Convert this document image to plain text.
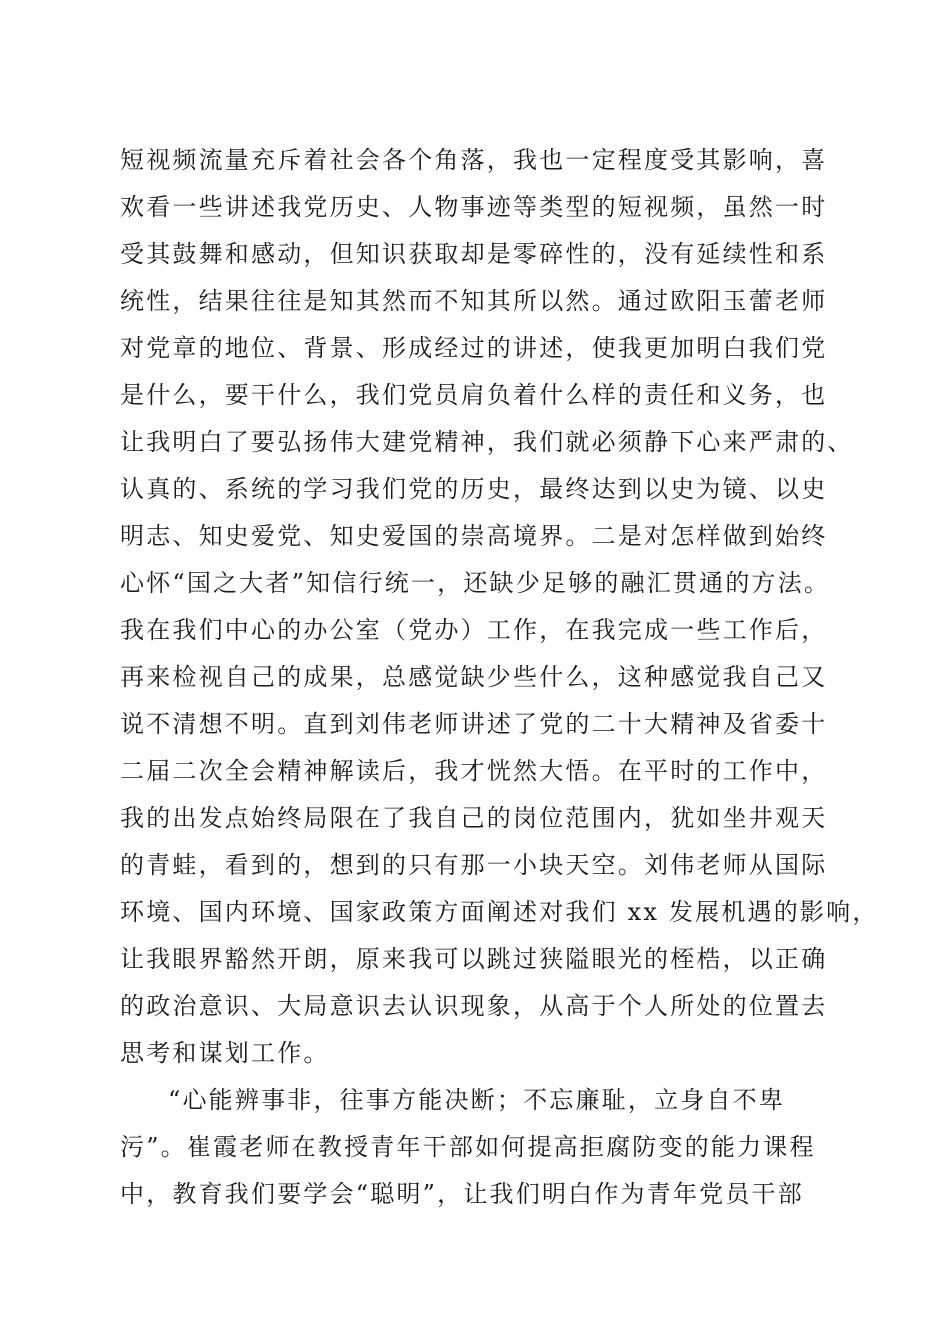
短视频流量充斥着社会各个角落，我也一定程度受其影响，喜
欢看一些讲述我党历史、人物事迹等类型的短视频，虽然一时
受其鼓舞和感动，但知识获取却是零碎性的，没有延续性和系
统性，结果往往是知其然而不知其所以然。通过欧阳玉蕾老师
对党章的地位、背景、形成经过的讲述，使我更加明白我们党
是什么，要干什么，我们党员肩负着什么样的责任和义务，也
让我明白了要弘扬伟大建党精神，我们就必须静下心来严肃的、
认真的、系统的学习我们党的历史，最终达到以史为镜、以史
明志、知史爱党、知史爱国的崇高境界。二是对怎样做到始终
心怀“国之大者”知信行统一，还缺少足够的融汇贯通的方法。
我在我们中心的办公室（党办）工作，在我完成一些工作后，
再来检视自己的成果，总感觉缺少些什么，这种感觉我自己又
说不清想不明。直到刘伟老师讲述了党的二十大精神及省委十
二届二次全会精神解读后，我才恍然大悟。在平时的工作中，
我的出发点始终局限在了我自己的岗位范围内，犹如坐井观天
的青蛙，看到的，想到的只有那一小块天空。刘伟老师从国际
环境、国内环境、国家政策方面阐述对我们 xx 发展机遇的影响，
让我眼界豁然开朗，原来我可以跳过狭隘眼光的桎梏，以正确
的政治意识、大局意识去认识现象，从高于个人所处的位置去
思考和谋划工作。
“心能辨事非，往事方能决断；不忘廉耻，立身自不卑
污”。崔霞老师在教授青年干部如何提高拒腐防变的能力课程
中，教育我们要学会“聪明”，让我们明白作为青年党员干部
